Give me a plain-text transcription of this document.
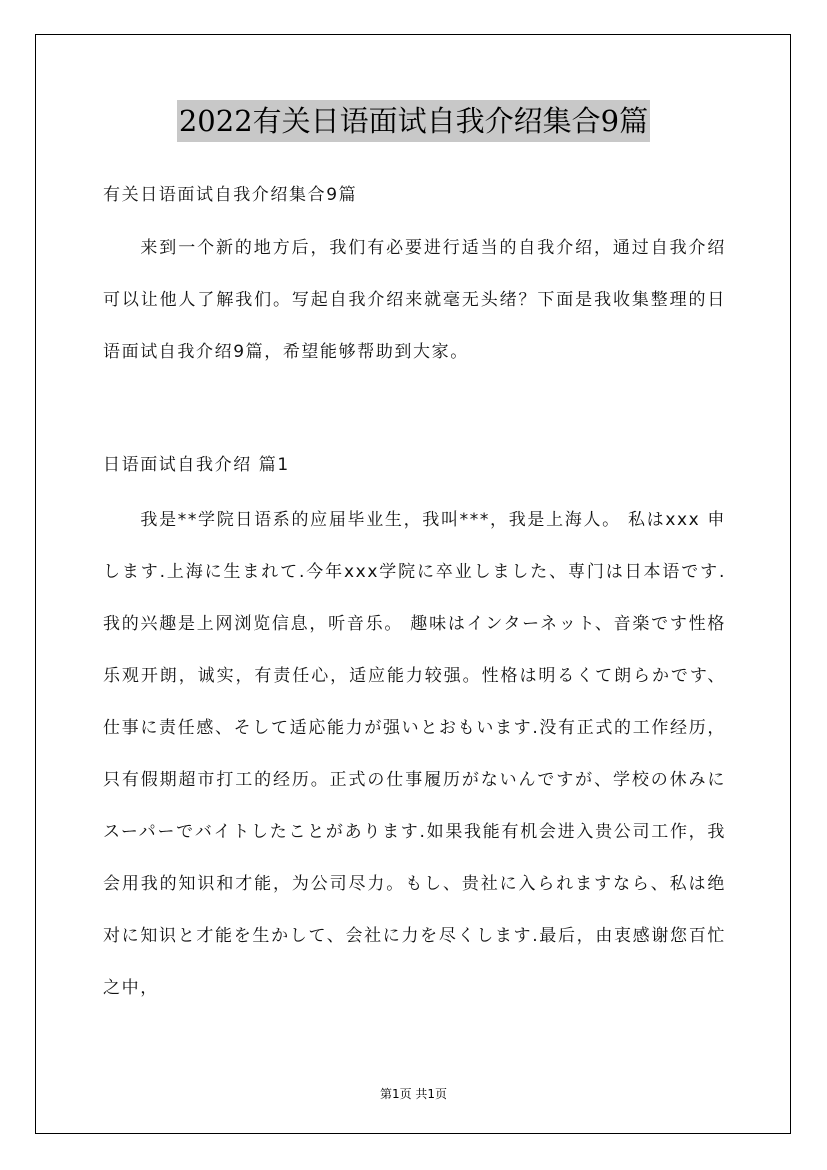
2022有关日语面试自我介绍集合9篇
有关日语面试自我介绍集合9篇
来到一个新的地方后，我们有必要进行适当的自我介绍，通过自我介绍可以让他人了解我们。写起自我介绍来就毫无头绪？下面是我收集整理的日语面试自我介绍9篇，希望能够帮助到大家。
日语面试自我介绍 篇1
我是**学院日语系的应届毕业生，我叫***，我是上海人。 私はxxx 申します.上海に生まれて.今年xxx学院に卒业しました、専门は日本语です.我的兴趣是上网浏览信息，听音乐。 趣味はインターネット、音楽です性格乐观开朗，诚实，有责任心，适应能力较强。性格は明るくて朗らかです、仕事に责任感、そして适応能力が强いとおもいます.没有正式的工作经历，只有假期超市打工的经历。正式の仕事履历がないんですが、学校の休みにスーパーでバイトしたことがあります.如果我能有机会进入贵公司工作，我会用我的知识和才能，为公司尽力。もし、贵社に入られますなら、私は绝对に知识と才能を生かして、会社に力を尽くします.最后，由衷感谢您百忙之中，
第1页 共1页
